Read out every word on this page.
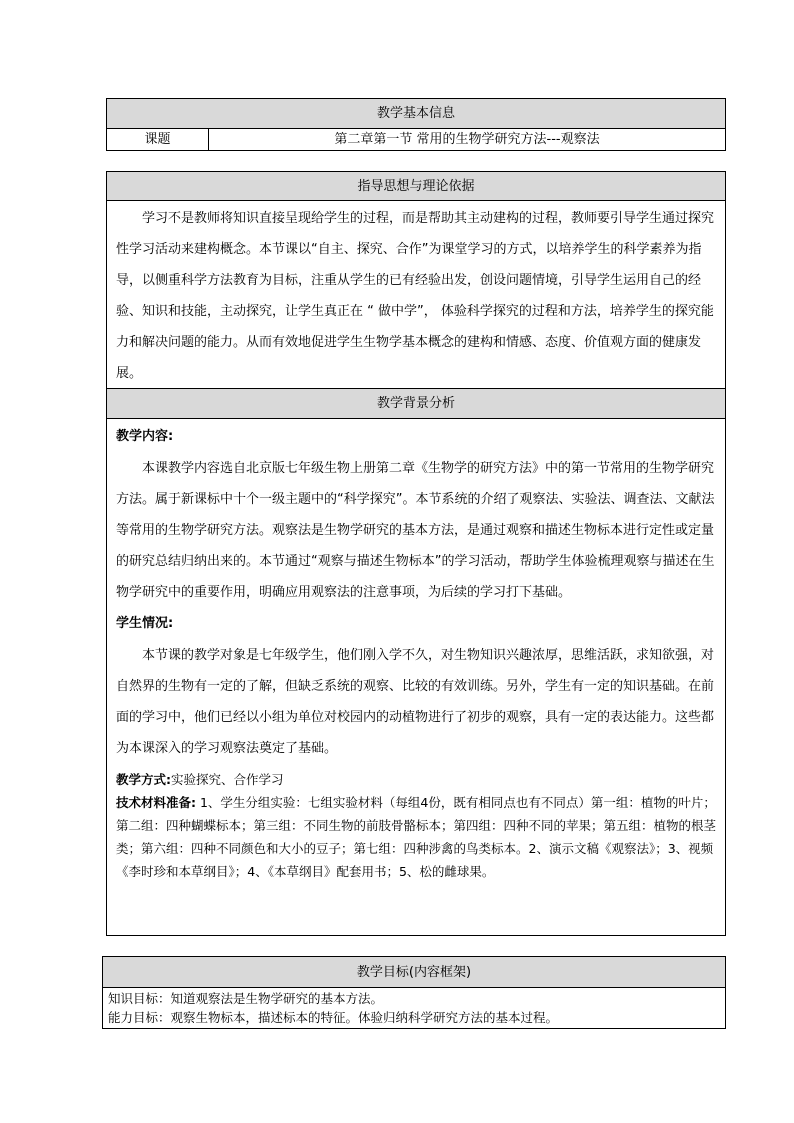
教学基本信息
课题	第二章第一节 常用的生物学研究方法---观察法
指导思想与理论依据
学习不是教师将知识直接呈现给学生的过程，而是帮助其主动建构的过程，教师要引导学生通过探究性学习活动来建构概念。本节课以“自主、探究、合作”为课堂学习的方式，以培养学生的科学素养为指导，以侧重科学方法教育为目标，注重从学生的已有经验出发，创设问题情境，引导学生运用自己的经验、知识和技能，主动探究，让学生真正在 “ 做中学”， 体验科学探究的过程和方法，培养学生的探究能力和解决问题的能力。从而有效地促进学生生物学基本概念的建构和情感、态度、价值观方面的健康发展。
教学背景分析
教学内容:
本课教学内容选自北京版七年级生物上册第二章《生物学的研究方法》中的第一节常用的生物学研究方法。属于新课标中十个一级主题中的“科学探究”。本节系统的介绍了观察法、实验法、调查法、文献法等常用的生物学研究方法。观察法是生物学研究的基本方法，是通过观察和描述生物标本进行定性或定量的研究总结归纳出来的。本节通过“观察与描述生物标本”的学习活动，帮助学生体验梳理观察与描述在生物学研究中的重要作用，明确应用观察法的注意事项，为后续的学习打下基础。
学生情况:
本节课的教学对象是七年级学生，他们刚入学不久，对生物知识兴趣浓厚，思维活跃，求知欲强，对自然界的生物有一定的了解，但缺乏系统的观察、比较的有效训练。另外，学生有一定的知识基础。在前面的学习中，他们已经以小组为单位对校园内的动植物进行了初步的观察，具有一定的表达能力。这些都为本课深入的学习观察法奠定了基础。
教学方式:实验探究、合作学习
技术材料准备: 1、学生分组实验：七组实验材料（每组4份，既有相同点也有不同点）第一组：植物的叶片；第二组：四种蝴蝶标本；第三组：不同生物的前肢骨骼标本；第四组：四种不同的苹果；第五组：植物的根茎类；第六组：四种不同颜色和大小的豆子；第七组：四种涉禽的鸟类标本。2、演示文稿《观察法》；3、视频《李时珍和本草纲目》；4、《本草纲目》配套用书；5、松的雌球果。
教学目标(内容框架)
知识目标：知道观察法是生物学研究的基本方法。
能力目标：观察生物标本，描述标本的特征。体验归纳科学研究方法的基本过程。
